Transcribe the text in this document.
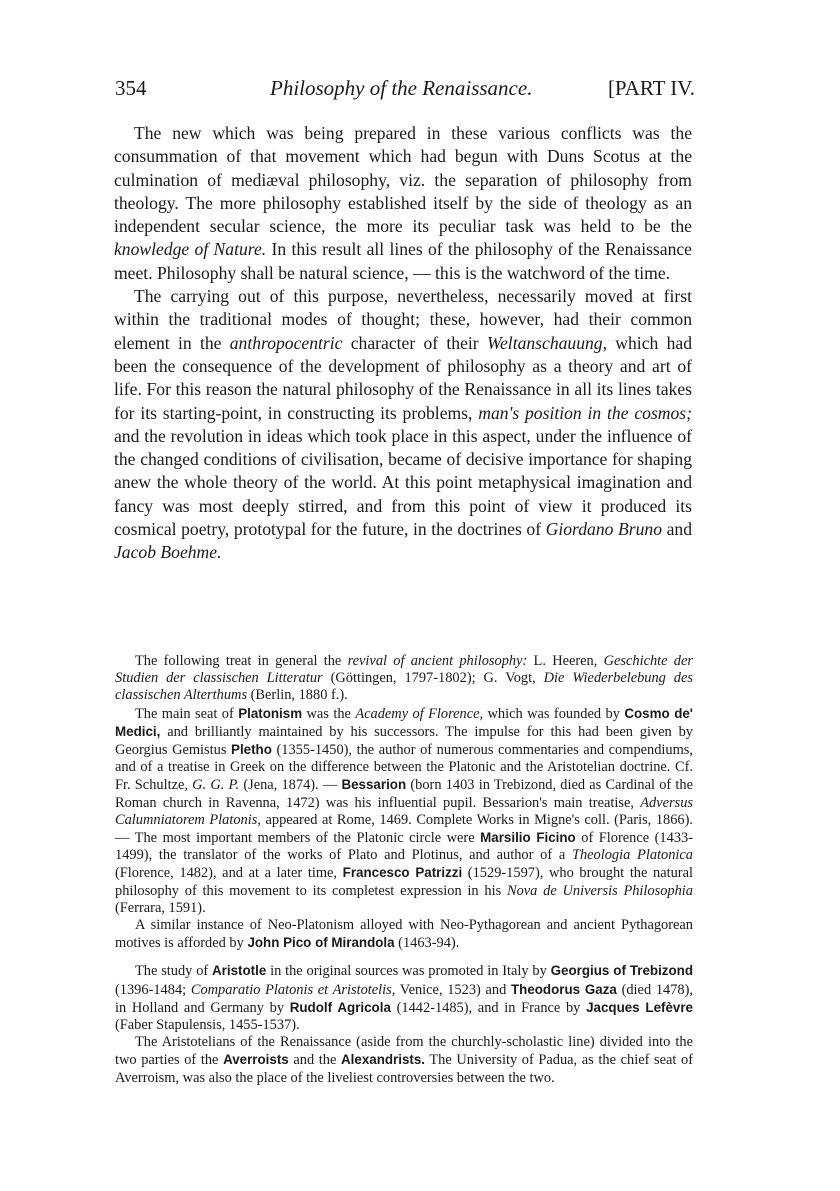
354	Philosophy of the Renaissance.	[PART IV.

The new which was being prepared in these various conflicts was the consummation of that movement which had begun with Duns Scotus at the culmination of mediæval philosophy, viz. the separation of philosophy from theology. The more philosophy established itself by the side of theology as an independent secular science, the more its peculiar task was held to be the knowledge of Nature. In this result all lines of the philosophy of the Renaissance meet. Philosophy shall be natural science, — this is the watchword of the time.

The carrying out of this purpose, nevertheless, necessarily moved at first within the traditional modes of thought; these, however, had their common element in the anthropocentric character of their Weltanschauung, which had been the consequence of the development of philosophy as a theory and art of life. For this reason the natural philosophy of the Renaissance in all its lines takes for its starting-point, in constructing its problems, man's position in the cosmos; and the revolution in ideas which took place in this aspect, under the influence of the changed conditions of civilisation, became of decisive importance for shaping anew the whole theory of the world. At this point metaphysical imagination and fancy was most deeply stirred, and from this point of view it produced its cosmical poetry, prototypal for the future, in the doctrines of Giordano Bruno and Jacob Boehme.

The following treat in general the revival of ancient philosophy: L. Heeren, Geschichte der Studien der classischen Litteratur (Göttingen, 1797-1802); G. Vogt, Die Wiederbelebung des classischen Alterthums (Berlin, 1880 f.).

The main seat of Platonism was the Academy of Florence, which was founded by Cosmo de' Medici, and brilliantly maintained by his successors. The impulse for this had been given by Georgius Gemistus Pletho (1355-1450), the author of numerous commentaries and compendiums, and of a treatise in Greek on the difference between the Platonic and the Aristotelian doctrine. Cf. Fr. Schultze, G. G. P. (Jena, 1874). — Bessarion (born 1403 in Trebizond, died as Cardinal of the Roman church in Ravenna, 1472) was his influential pupil. Bessarion's main treatise, Adversus Calumniatorem Platonis, appeared at Rome, 1469. Complete Works in Migne's coll. (Paris, 1866). — The most important members of the Platonic circle were Marsilio Ficino of Florence (1433-1499), the translator of the works of Plato and Plotinus, and author of a Theologia Platonica (Florence, 1482), and at a later time, Francesco Patrizzi (1529-1597), who brought the natural philosophy of this movement to its completest expression in his Nova de Universis Philosophia (Ferrara, 1591).

A similar instance of Neo-Platonism alloyed with Neo-Pythagorean and ancient Pythagorean motives is afforded by John Pico of Mirandola (1463-94).

The study of Aristotle in the original sources was promoted in Italy by Georgius of Trebizond (1396-1484; Comparatio Platonis et Aristotelis, Venice, 1523) and Theodorus Gaza (died 1478), in Holland and Germany by Rudolf Agricola (1442-1485), and in France by Jacques Lefèvre (Faber Stapulensis, 1455-1537).

The Aristotelians of the Renaissance (aside from the churchly-scholastic line) divided into the two parties of the Averroists and the Alexandrists. The University of Padua, as the chief seat of Averroism, was also the place of the liveliest controversies between the two.
